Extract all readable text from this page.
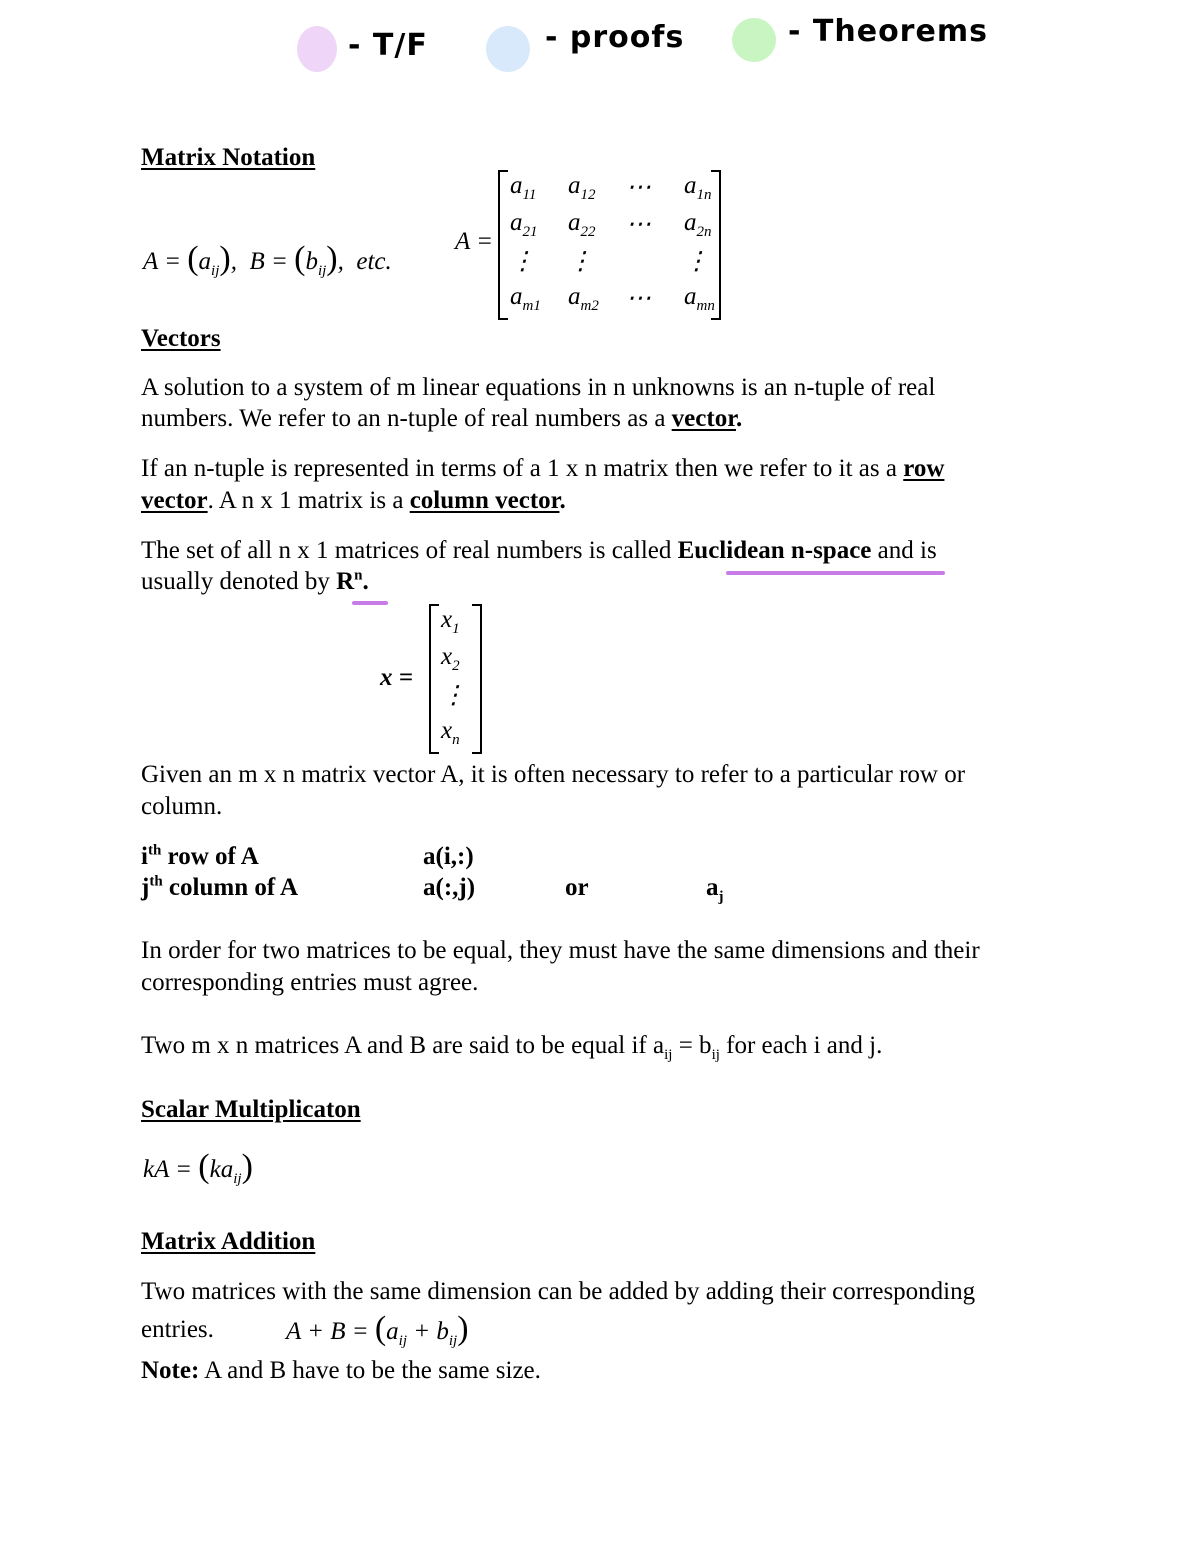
- T/F	- proofs	- Theorems
Matrix Notation
$A = (a_{ij})$,  $B = (b_{ij})$,  etc.
A =
$a_{11}$ $a_{12}$ ⋯ $a_{1n}$
$a_{21}$ $a_{22}$ ⋯ $a_{2n}$
⋮ ⋮	⋮
$a_{m1}$ $a_{m2}$ ⋯ $a_{mn}$
Vectors
A solution to a system of m linear equations in n unknowns is an n-tuple of real
numbers. We refer to an n-tuple of real numbers as a vector.
If an n-tuple is represented in terms of a 1 x n matrix then we refer to it as a row
vector. A n x 1 matrix is a column vector.
The set of all n x 1 matrices of real numbers is called Euclidean n-space and is
usually denoted by $R^n$.
x =
$x_1$
$x_2$
⋮
$x_n$
Given an m x n matrix vector A, it is often necessary to refer to a particular row or
column.
$i^{th}$ row of A	a(i,:)
$j^{th}$ column of A	a(:,j)	or	$a_j$
In order for two matrices to be equal, they must have the same dimensions and their
corresponding entries must agree.
Two m x n matrices A and B are said to be equal if $a_{ij} = b_{ij}$ for each i and j.
Scalar Multiplicaton
kA = $(ka_{ij})$
Matrix Addition
Two matrices with the same dimension can be added by adding their corresponding
entries.	$A + B = (a_{ij} + b_{ij})$
Note: A and B have to be the same size.
